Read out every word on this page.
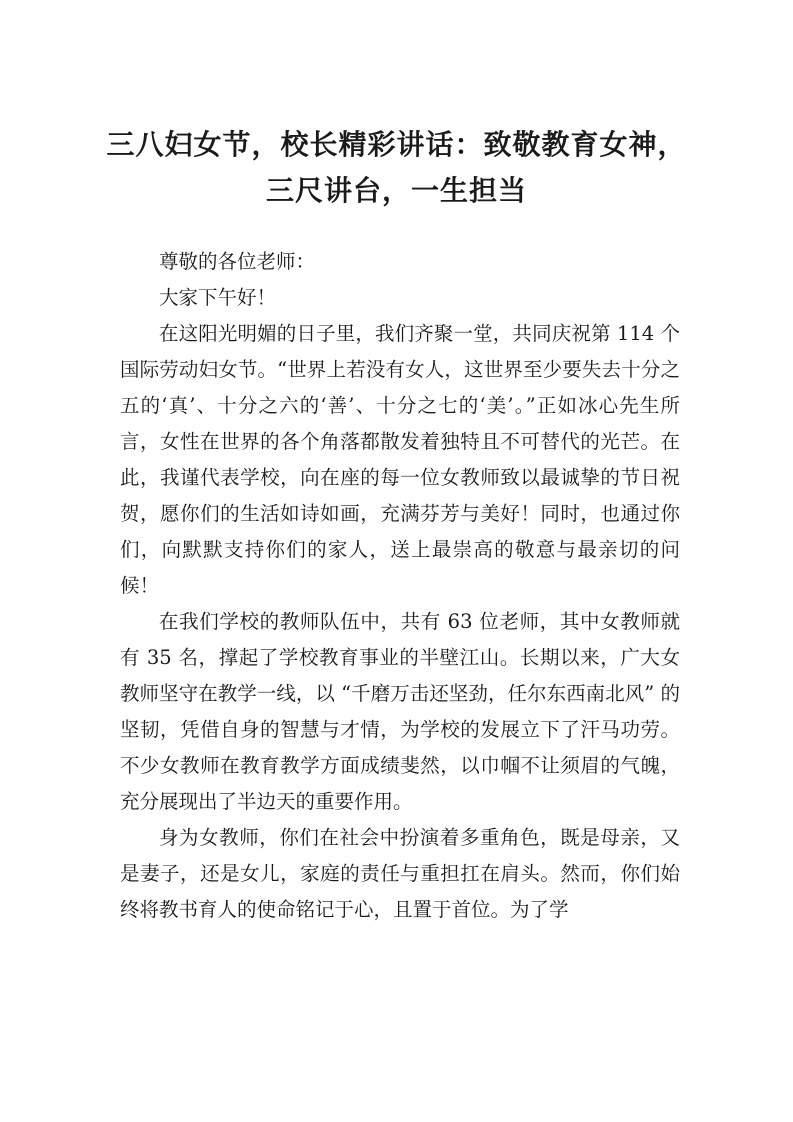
三八妇女节，校长精彩讲话：致敬教育女神，
三尺讲台，一生担当

尊敬的各位老师：

大家下午好！

在这阳光明媚的日子里，我们齐聚一堂，共同庆祝第 114 个国际劳动妇女节。“世界上若没有女人，这世界至少要失去十分之五的‘真’、十分之六的‘善’、十分之七的‘美’。”正如冰心先生所言，女性在世界的各个角落都散发着独特且不可替代的光芒。在此，我谨代表学校，向在座的每一位女教师致以最诚挚的节日祝贺，愿你们的生活如诗如画，充满芬芳与美好！同时，也通过你们，向默默支持你们的家人，送上最崇高的敬意与最亲切的问候！

在我们学校的教师队伍中，共有 63 位老师，其中女教师就有 35 名，撑起了学校教育事业的半壁江山。长期以来，广大女教师坚守在教学一线，以 “千磨万击还坚劲，任尔东西南北风” 的坚韧，凭借自身的智慧与才情，为学校的发展立下了汗马功劳。不少女教师在教育教学方面成绩斐然，以巾帼不让须眉的气魄，充分展现出了半边天的重要作用。

身为女教师，你们在社会中扮演着多重角色，既是母亲，又是妻子，还是女儿，家庭的责任与重担扛在肩头。然而，你们始终将教书育人的使命铭记于心，且置于首位。为了学
